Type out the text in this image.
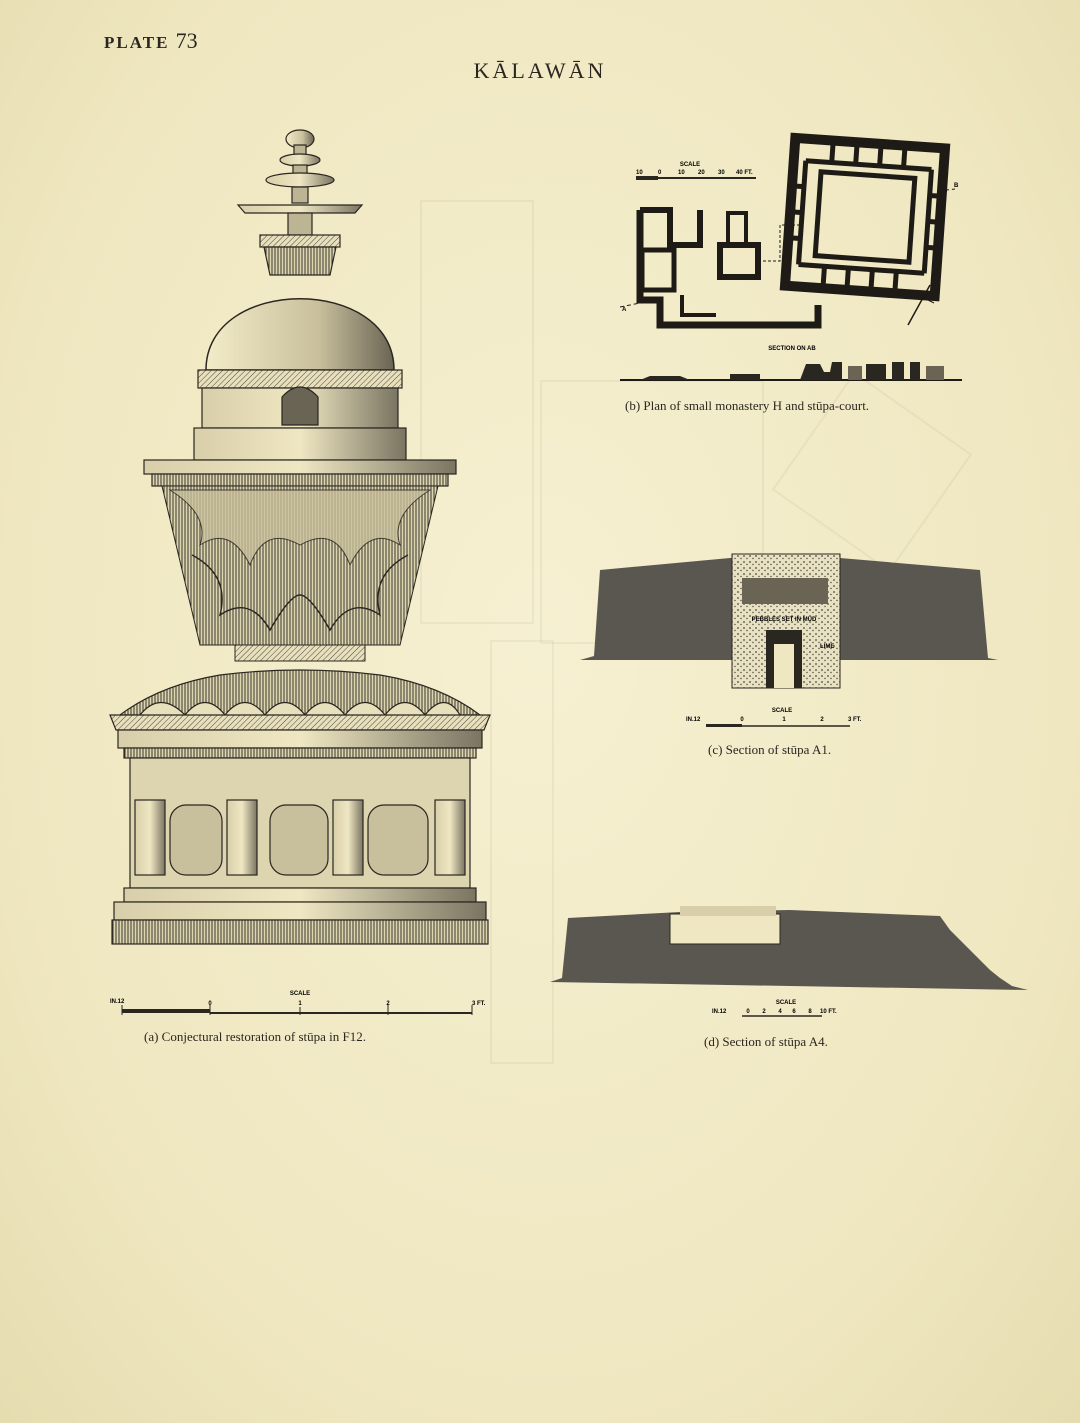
PLATE 73
KĀLAWĀN
SCALE
IN.12	0	1	2	3 FT.
(a) Conjectural restoration of stūpa in F12.
SCALE
10	0	10 20 30 40 FT.
A
B
SECTION ON AB
(b) Plan of small monastery H and stūpa-court.
PEBBLES SET IN MUD
LIME
SCALE
IN.12	0	1	2	3 FT.
(c) Section of stūpa A1.
SCALE
IN.12	0 2 4 6 8 10 FT.
(d) Section of stūpa A4.
